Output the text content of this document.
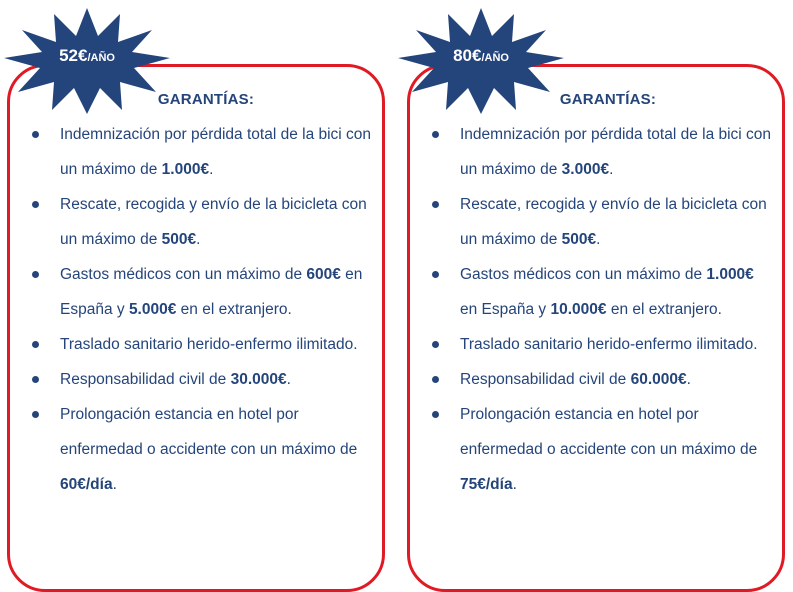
GARANTÍAS:
Indemnización por pérdida total de la bici con un máximo de 1.000€.
Rescate, recogida y envío de la bicicleta con un máximo de 500€.
Gastos médicos con un máximo de 600€ en España y 5.000€ en el extranjero.
Traslado sanitario herido-enfermo ilimitado.
Responsabilidad civil de 30.000€.
Prolongación estancia en hotel por enfermedad o accidente con un máximo de 60€/día.
52€/AÑO
GARANTÍAS:
Indemnización por pérdida total de la bici con un máximo de 3.000€.
Rescate, recogida y envío de la bicicleta con un máximo de 500€.
Gastos médicos con un máximo de 1.000€ en España y 10.000€ en el extranjero.
Traslado sanitario herido-enfermo ilimitado.
Responsabilidad civil de 60.000€.
Prolongación estancia en hotel por enfermedad o accidente con un máximo de 75€/día.
80€/AÑO
